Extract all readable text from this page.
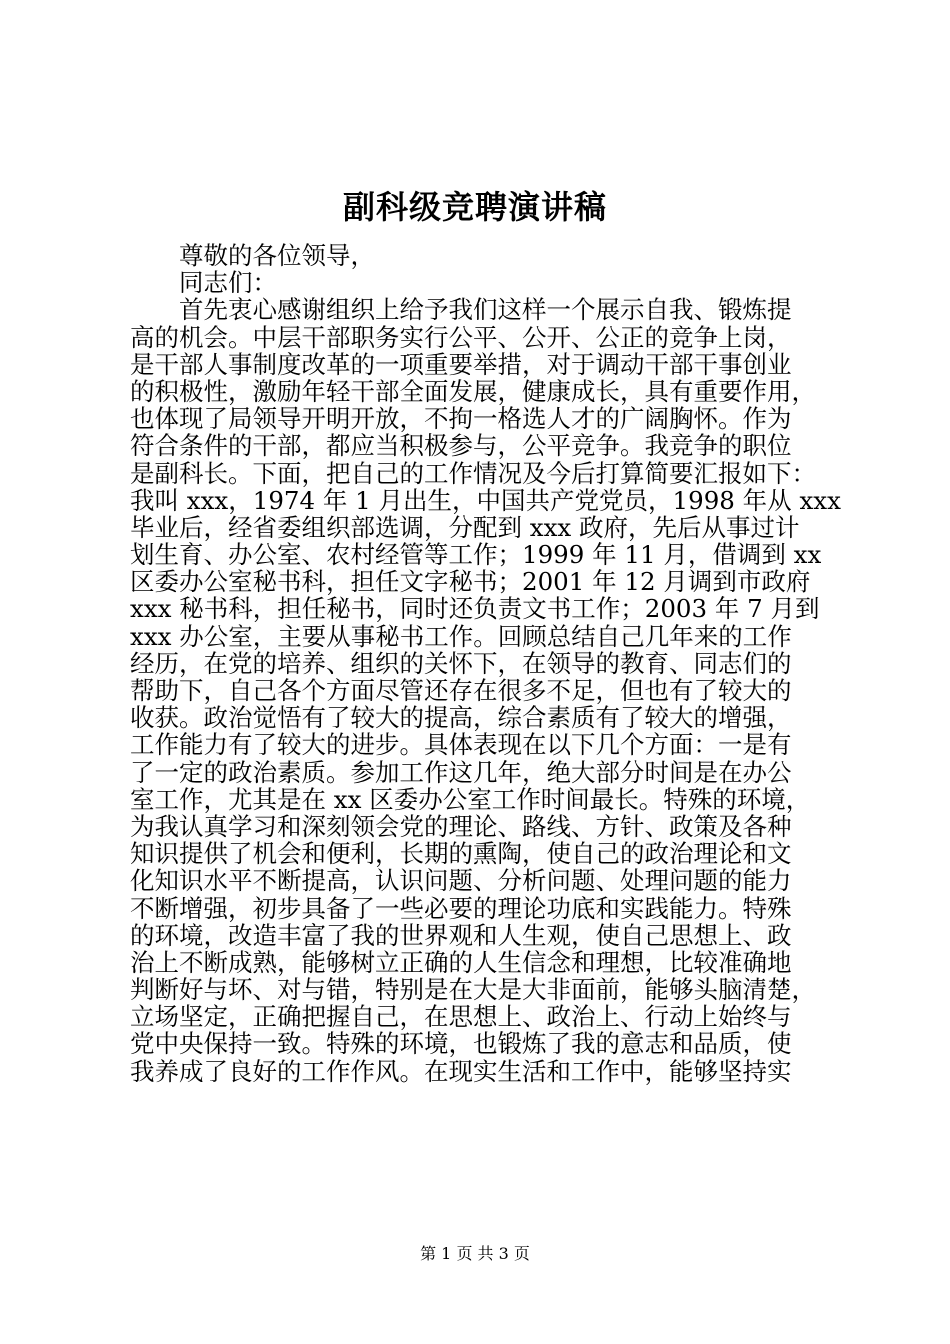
副科级竞聘演讲稿
尊敬的各位领导，
同志们：
首先衷心感谢组织上给予我们这样一个展示自我、锻炼提
高的机会。中层干部职务实行公平、公开、公正的竞争上岗，
是干部人事制度改革的一项重要举措，对于调动干部干事创业
的积极性，激励年轻干部全面发展，健康成长，具有重要作用，
也体现了局领导开明开放，不拘一格选人才的广阔胸怀。作为
符合条件的干部，都应当积极参与，公平竞争。我竞争的职位
是副科长。下面，把自己的工作情况及今后打算简要汇报如下：
我叫 xxx，1974 年 1 月出生，中国共产党党员，1998 年从 xxx
毕业后，经省委组织部选调，分配到 xxx 政府，先后从事过计
划生育、办公室、农村经管等工作；1999 年 11 月，借调到 xx
区委办公室秘书科，担任文字秘书；2001 年 12 月调到市政府
xxx 秘书科，担任秘书，同时还负责文书工作；2003 年 7 月到
xxx 办公室，主要从事秘书工作。回顾总结自己几年来的工作
经历，在党的培养、组织的关怀下，在领导的教育、同志们的
帮助下，自己各个方面尽管还存在很多不足，但也有了较大的
收获。政治觉悟有了较大的提高，综合素质有了较大的增强，
工作能力有了较大的进步。具体表现在以下几个方面：一是有
了一定的政治素质。参加工作这几年，绝大部分时间是在办公
室工作，尤其是在 xx 区委办公室工作时间最长。特殊的环境，
为我认真学习和深刻领会党的理论、路线、方针、政策及各种
知识提供了机会和便利，长期的熏陶，使自己的政治理论和文
化知识水平不断提高，认识问题、分析问题、处理问题的能力
不断增强，初步具备了一些必要的理论功底和实践能力。特殊
的环境，改造丰富了我的世界观和人生观，使自己思想上、政
治上不断成熟，能够树立正确的人生信念和理想，比较准确地
判断好与坏、对与错，特别是在大是大非面前，能够头脑清楚，
立场坚定，正确把握自己，在思想上、政治上、行动上始终与
党中央保持一致。特殊的环境，也锻炼了我的意志和品质，使
我养成了良好的工作作风。在现实生活和工作中，能够坚持实
第 1 页 共 3 页
